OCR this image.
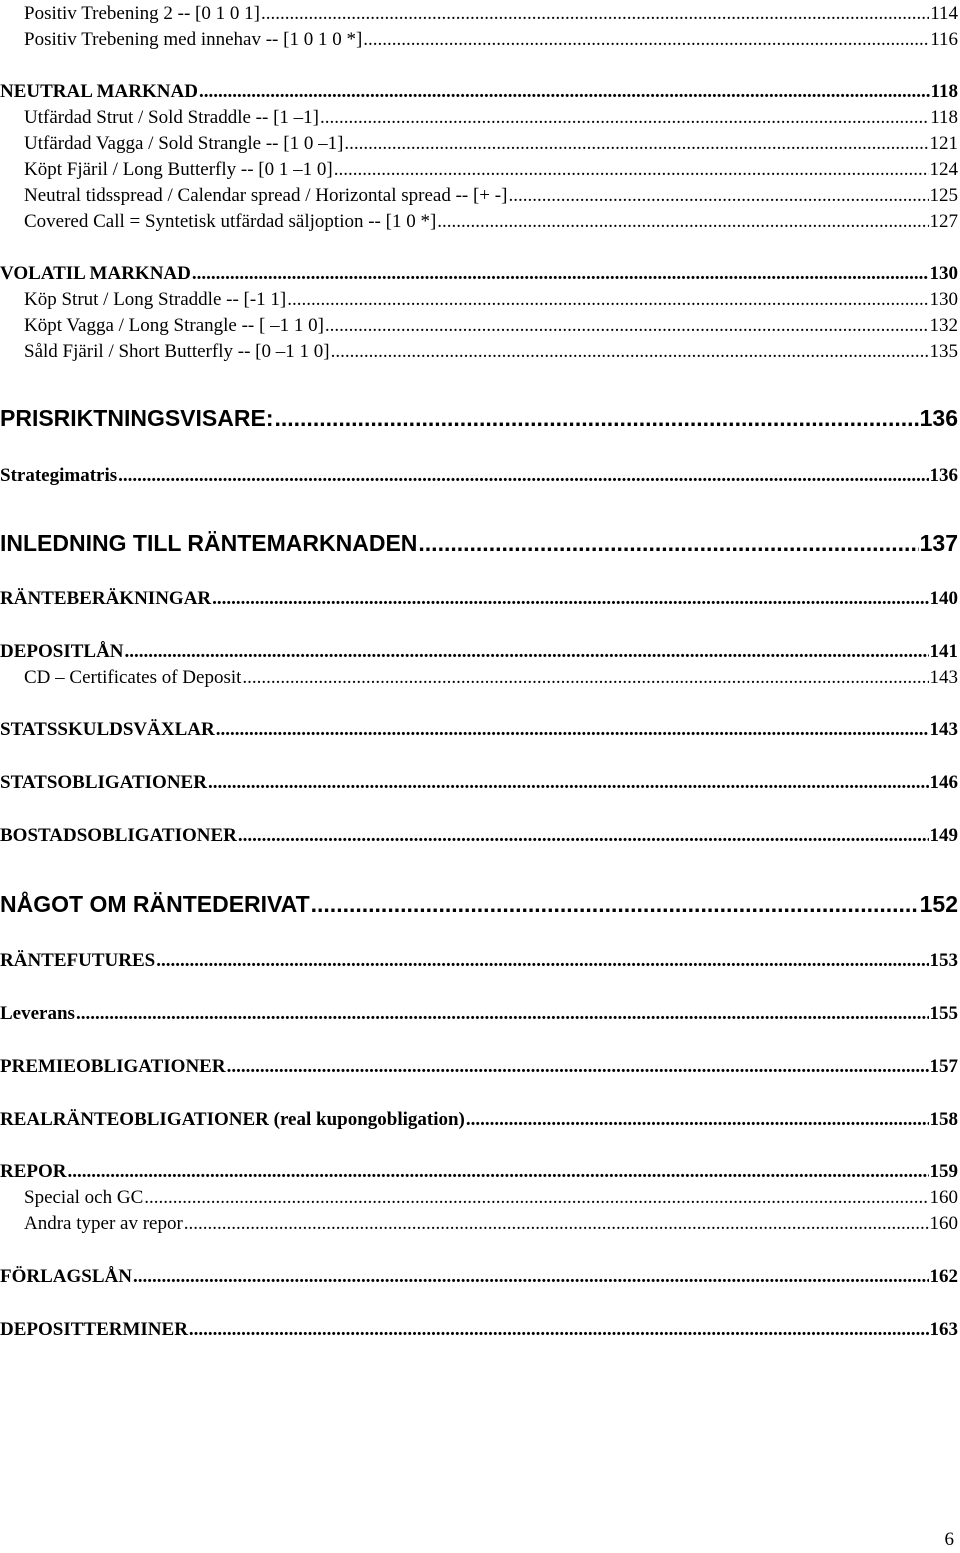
Positiv Trebening 2 -- [0 1 0 1] .....	114
Positiv Trebening med innehav -- [1 0 1 0 *] .....	116
NEUTRAL MARKNAD .....	118
Utfärdad Strut / Sold Straddle -- [1 –1] .....	118
Utfärdad Vagga / Sold Strangle -- [1 0 –1] .....	121
Köpt Fjäril / Long Butterfly -- [0 1 –1 0] .....	124
Neutral tidsspread / Calendar spread / Horizontal spread -- [+ -] .....	125
Covered Call = Syntetisk utfärdad säljoption -- [1 0 *] .....	127
VOLATIL MARKNAD .....	130
Köp Strut / Long Straddle -- [-1 1] .....	130
Köpt Vagga / Long Strangle -- [ –1 1 0] .....	132
Såld Fjäril / Short Butterfly -- [0 –1 1 0] .....	135
PRISRIKTNINGSVISARE: .....	136
Strategimatris .....	136
INLEDNING TILL RÄNTEMARKNADEN .....	137
RÄNTEBERÄKNINGAR .....	140
DEPOSITLÅN .....	141
CD – Certificates of Deposit .....	143
STATSSKULDSVÄXLAR .....	143
STATSOBLIGATIONER .....	146
BOSTADSOBLIGATIONER .....	149
NÅGOT OM RÄNTEDERIVAT .....	152
RÄNTEFUTURES .....	153
Leverans .....	155
PREMIEOBLIGATIONER .....	157
REALRÄNTEOBLIGATIONER (real kupongobligation) .....	158
REPOR .....	159
Special och GC .....	160
Andra typer av repor .....	160
FÖRLAGSLÅN .....	162
DEPOSITTERMINER .....	163
6
